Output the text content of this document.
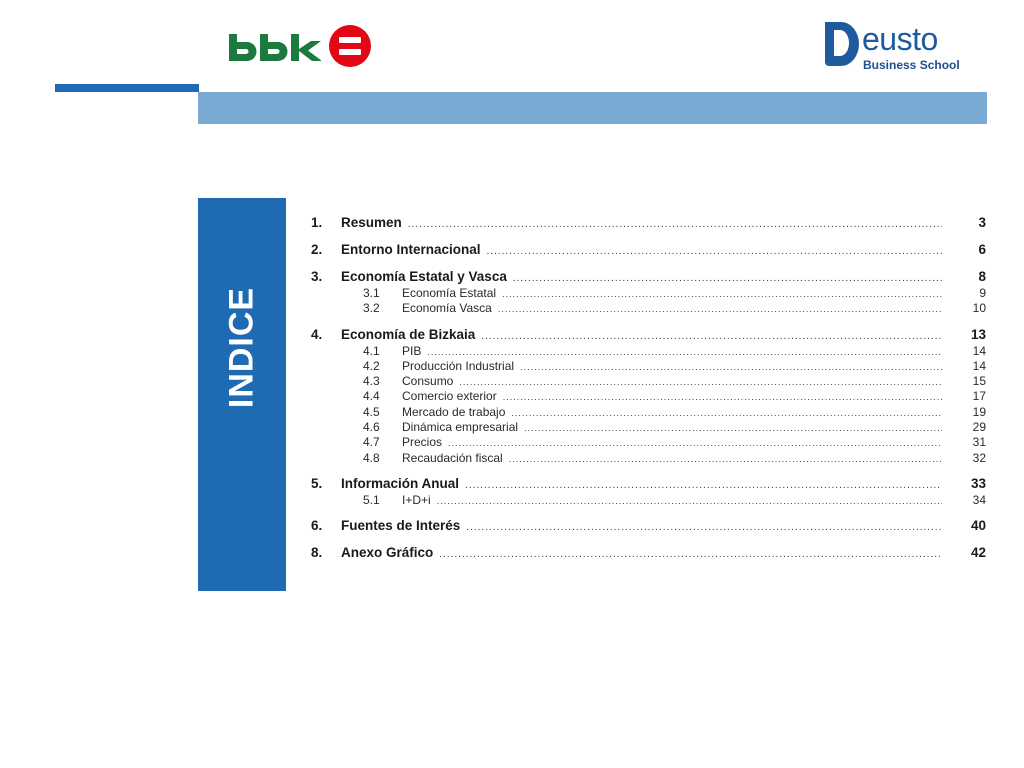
eusto
Business School
INDICE
1.	Resumen .....	3
2.	Entorno Internacional .....	6
3.	Economía Estatal y Vasca .....	8
3.1	Economía Estatal .....	9
3.2	Economía Vasca .....	10
4.	Economía de Bizkaia .....	13
4.1	PIB .....	14
4.2	Producción Industrial .....	14
4.3	Consumo .....	15
4.4	Comercio exterior .....	17
4.5	Mercado de trabajo .....	19
4.6	Dinámica empresarial .....	29
4.7	Precios .....	31
4.8	Recaudación fiscal .....	32
5.	Información Anual .....	33
5.1	I+D+i .....	34
6.	Fuentes de Interés .....	40
8.	Anexo Gráfico .....	42
